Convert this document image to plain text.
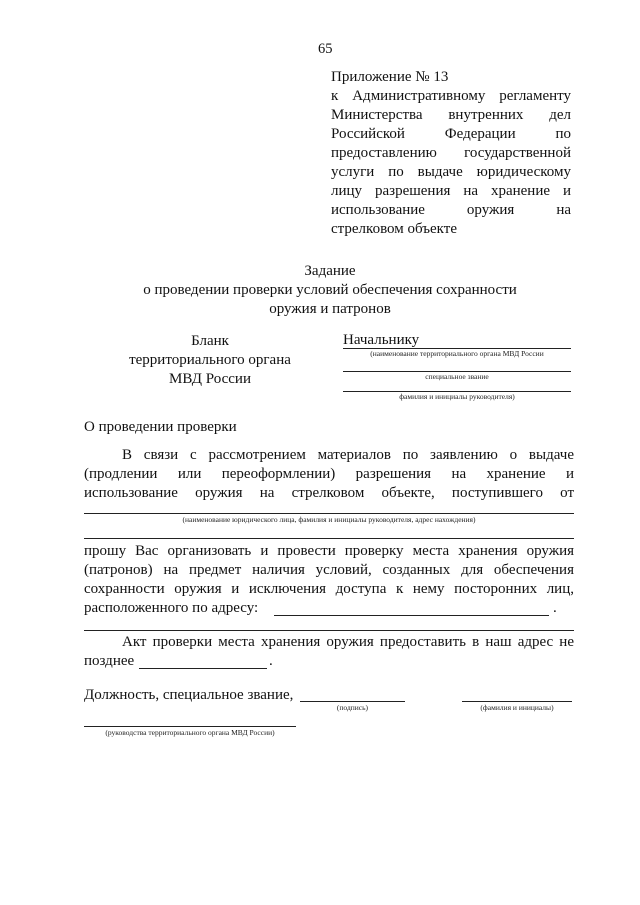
65
Приложение № 13
к Административному регламенту
Министерства внутренних дел
Российской Федерации по
предоставлению государственной
услуги по выдаче юридическому
лицу разрешения на хранение и
использование оружия на
стрелковом объекте
Задание
о проведении проверки условий обеспечения сохранности
оружия и патронов
Бланк
территориального органа
МВД России
Начальнику
(наименование территориального органа МВД России
специальное звание
фамилия и инициалы руководителя)
О проведении проверки
В связи с рассмотрением материалов по заявлению о выдаче
(продлении или переоформлении) разрешения на хранение и
использование оружия на стрелковом объекте, поступившего от
(наименование юридического лица, фамилия и инициалы руководителя, адрес нахождения)
прошу Вас организовать и провести проверку места хранения оружия
(патронов) на предмет наличия условий, созданных для обеспечения
сохранности оружия и исключения доступа к нему посторонних лиц,
расположенного по адресу:	.
Акт проверки места хранения оружия предоставить в наш адрес не
позднее	.
Должность, специальное звание,
(подпись)	(фамилия и инициалы)
(руководства территориального органа МВД России)
